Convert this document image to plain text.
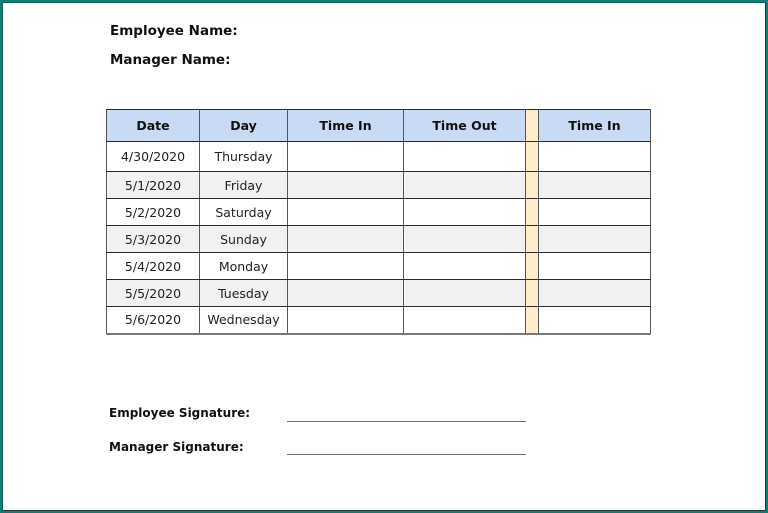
Employee Name:
Manager Name:
Date	Day	Time In	Time Out		Time In
4/30/2020	Thursday				
5/1/2020	Friday				
5/2/2020	Saturday				
5/3/2020	Sunday				
5/4/2020	Monday				
5/5/2020	Tuesday				
5/6/2020	Wednesday				
Employee Signature:
Manager Signature:
